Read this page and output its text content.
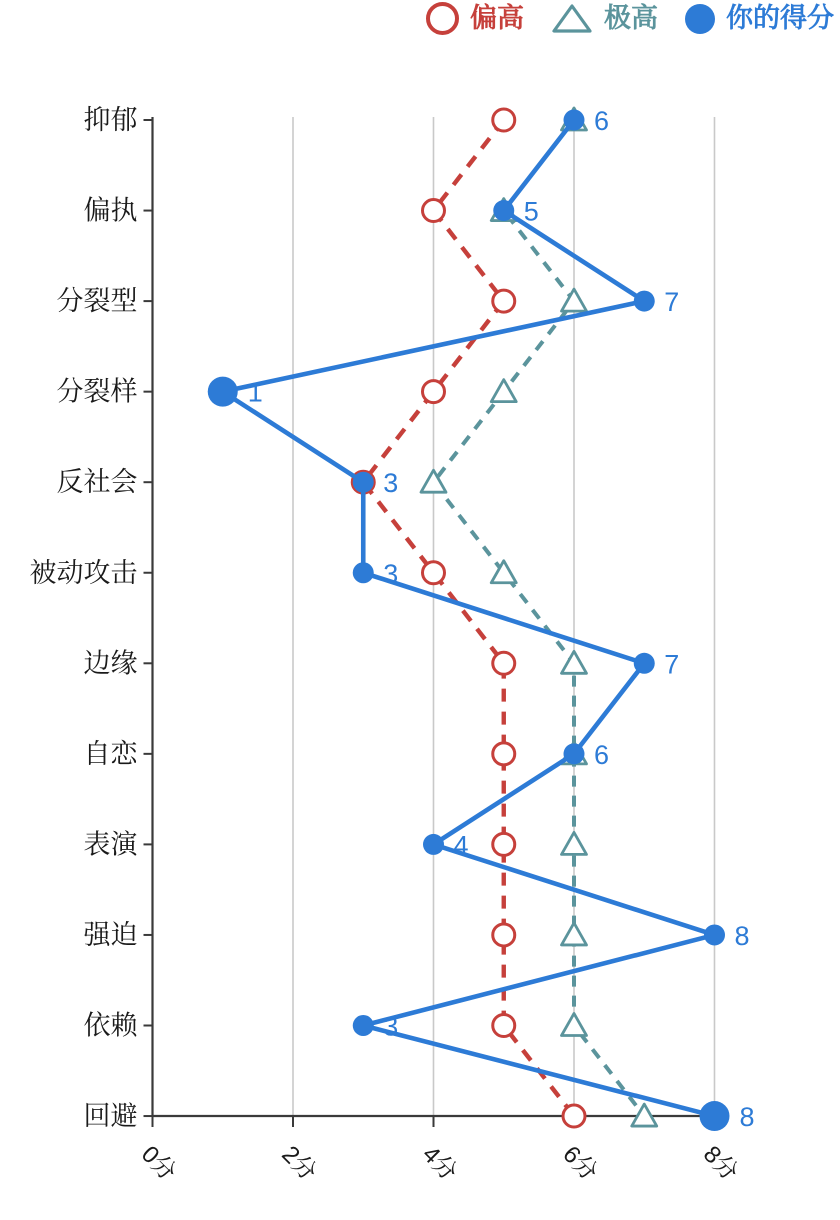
偏高	极高	你的得分
抑郁
偏执
分裂型
分裂样
反社会
被动攻击
边缘
自恋
表演
强迫
依赖
回避
0分	2分	4分	6分	8分
6
5
7
1
3
3
7
6
4
8
3
8
